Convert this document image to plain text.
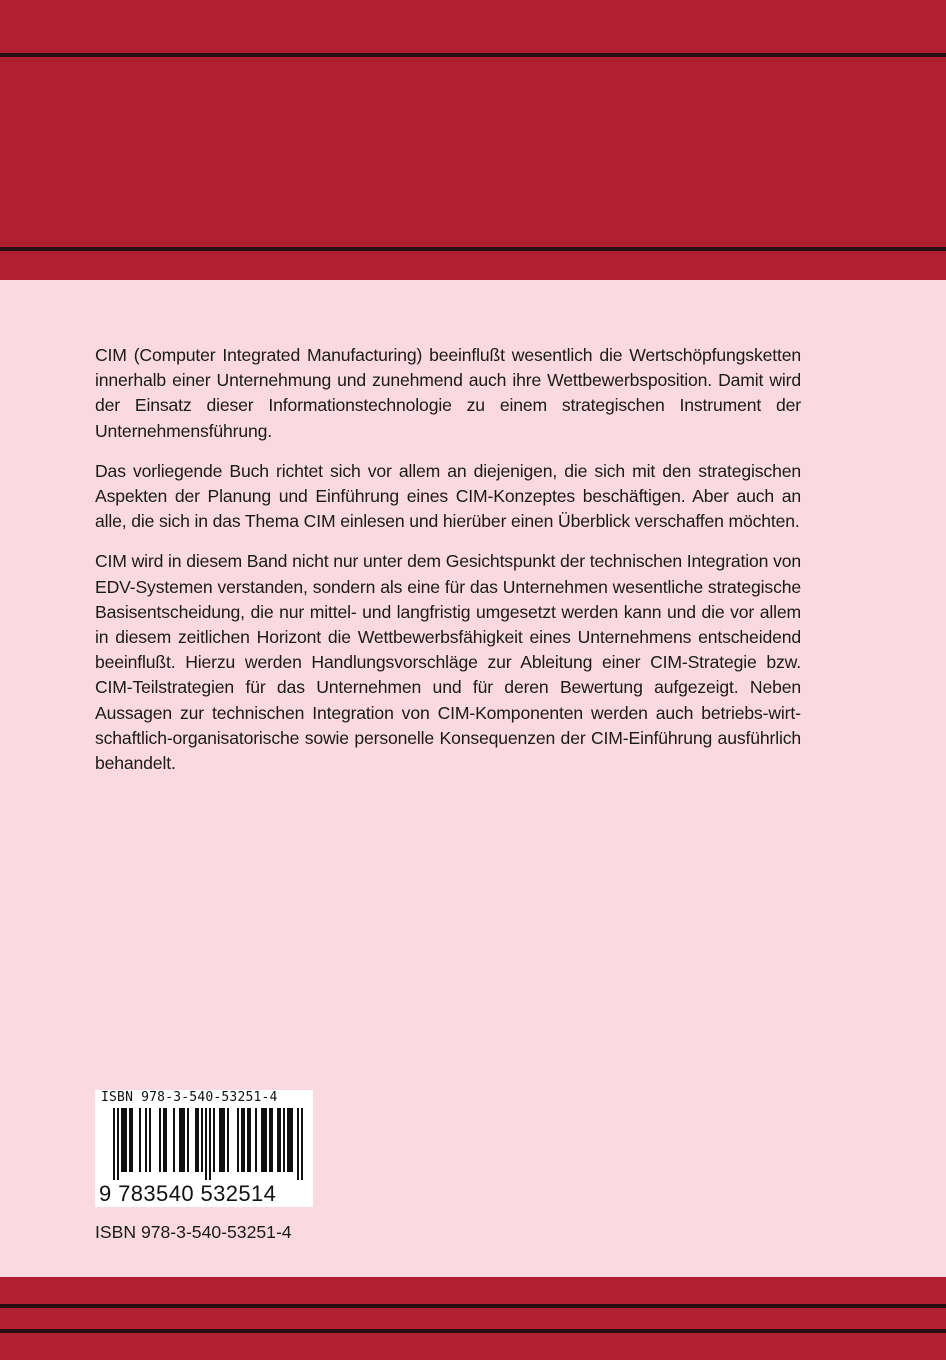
CIM (Computer Integrated Manufacturing) beeinflußt wesentlich die Wertschöpfungsketten innerhalb einer Unternehmung und zunehmend auch ihre Wettbewerbsposition. Damit wird der Einsatz dieser Informationstechnologie zu einem strategischen Instrument der Unternehmensführung.

Das vorliegende Buch richtet sich vor allem an diejenigen, die sich mit den strategischen Aspekten der Planung und Einführung eines CIM-Konzeptes beschäftigen. Aber auch an alle, die sich in das Thema CIM einlesen und hierüber einen Überblick verschaffen möchten.

CIM wird in diesem Band nicht nur unter dem Gesichtspunkt der technischen Integration von EDV-Systemen verstanden, sondern als eine für das Unternehmen wesentliche strategische Basisentscheidung, die nur mittel- und langfristig umgesetzt werden kann und die vor allem in diesem zeitlichen Horizont die Wettbewerbsfähigkeit eines Unternehmens entscheidend beeinflußt. Hierzu werden Handlungsvorschläge zur Ableitung einer CIM-Strategie bzw. CIM-Teilstrategien für das Unternehmen und für deren Bewertung aufgezeigt. Neben Aussagen zur technischen Integration von CIM-Komponenten werden auch betriebs-wirtschaftlich-organisatorische sowie personelle Konsequenzen der CIM-Einführung ausführlich behandelt.

ISBN 978-3-540-53251-4
9 783540 532514
ISBN 978-3-540-53251-4
